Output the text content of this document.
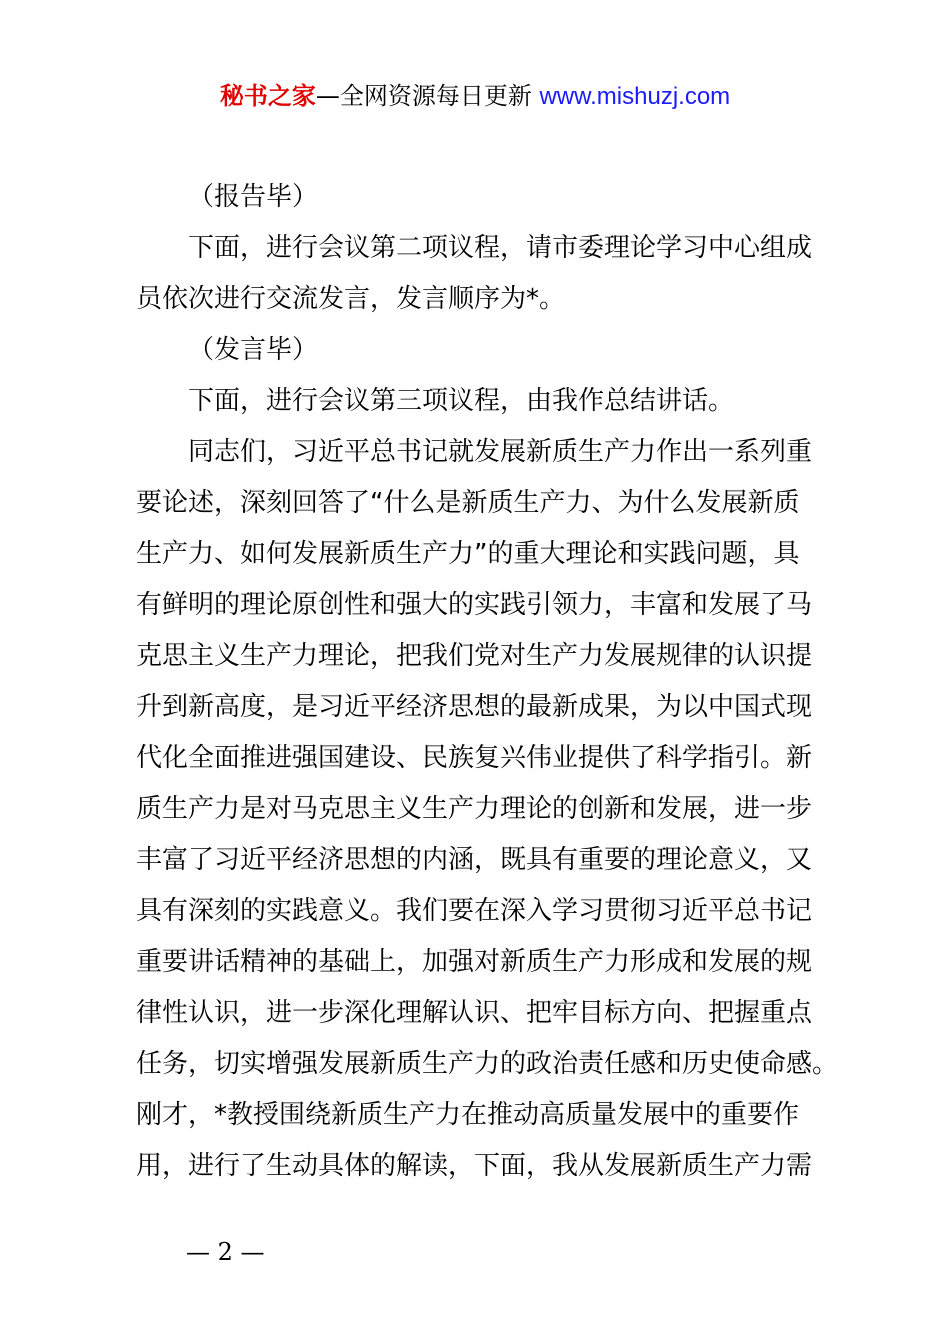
秘书之家—全网资源每日更新 www.mishuzj.com
（报告毕）
下面，进行会议第二项议程，请市委理论学习中心组成
员依次进行交流发言，发言顺序为*。
（发言毕）
下面，进行会议第三项议程，由我作总结讲话。
同志们，习近平总书记就发展新质生产力作出一系列重
要论述，深刻回答了“什么是新质生产力、为什么发展新质
生产力、如何发展新质生产力”的重大理论和实践问题，具
有鲜明的理论原创性和强大的实践引领力，丰富和发展了马
克思主义生产力理论，把我们党对生产力发展规律的认识提
升到新高度，是习近平经济思想的最新成果，为以中国式现
代化全面推进强国建设、民族复兴伟业提供了科学指引。新
质生产力是对马克思主义生产力理论的创新和发展，进一步
丰富了习近平经济思想的内涵，既具有重要的理论意义，又
具有深刻的实践意义。我们要在深入学习贯彻习近平总书记
重要讲话精神的基础上，加强对新质生产力形成和发展的规
律性认识，进一步深化理解认识、把牢目标方向、把握重点
任务，切实增强发展新质生产力的政治责任感和历史使命感。
刚才，*教授围绕新质生产力在推动高质量发展中的重要作
用，进行了生动具体的解读，下面，我从发展新质生产力需
— 2 —
